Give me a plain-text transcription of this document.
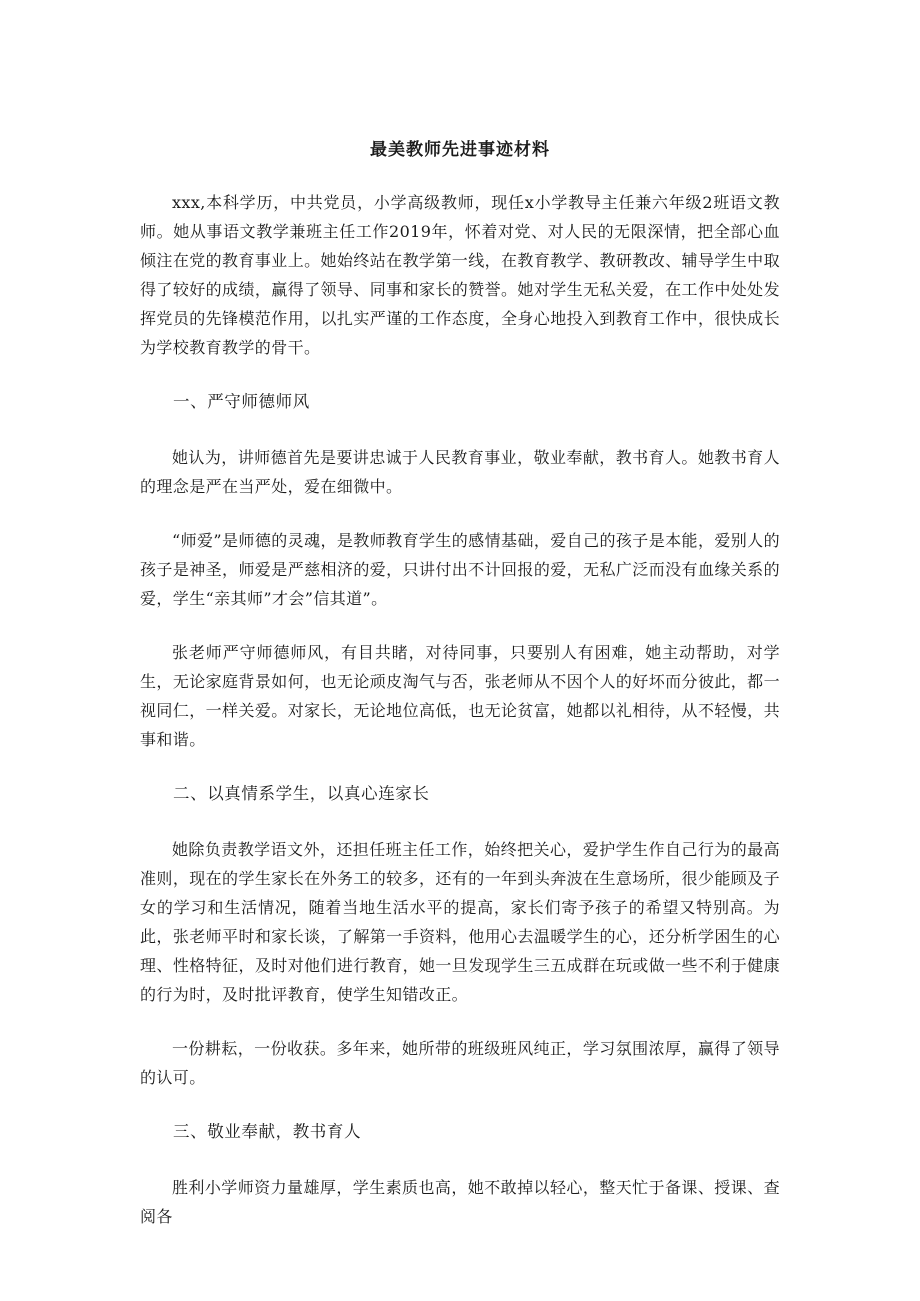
最美教师先进事迹材料

xxx,本科学历，中共党员，小学高级教师，现任x小学教导主任兼六年级2班语文教师。她从事语文教学兼班主任工作2019年，怀着对党、对人民的无限深情，把全部心血倾注在党的教育事业上。她始终站在教学第一线，在教育教学、教研教改、辅导学生中取得了较好的成绩，赢得了领导、同事和家长的赞誉。她对学生无私关爱，在工作中处处发挥党员的先锋模范作用，以扎实严谨的工作态度，全身心地投入到教育工作中，很快成长为学校教育教学的骨干。

一、严守师德师风

她认为，讲师德首先是要讲忠诚于人民教育事业，敬业奉献，教书育人。她教书育人的理念是严在当严处，爱在细微中。

“师爱”是师德的灵魂，是教师教育学生的感情基础，爱自己的孩子是本能，爱别人的孩子是神圣，师爱是严慈相济的爱，只讲付出不计回报的爱，无私广泛而没有血缘关系的爱，学生“亲其师”才会”信其道”。

张老师严守师德师风，有目共睹，对待同事，只要别人有困难，她主动帮助，对学生，无论家庭背景如何，也无论顽皮淘气与否，张老师从不因个人的好坏而分彼此，都一视同仁，一样关爱。对家长，无论地位高低，也无论贫富，她都以礼相待，从不轻慢，共事和谐。

二、以真情系学生，以真心连家长

她除负责教学语文外，还担任班主任工作，始终把关心，爱护学生作自己行为的最高准则，现在的学生家长在外务工的较多，还有的一年到头奔波在生意场所，很少能顾及子女的学习和生活情况，随着当地生活水平的提高，家长们寄予孩子的希望又特别高。为此，张老师平时和家长谈，了解第一手资料，他用心去温暖学生的心，还分析学困生的心理、性格特征，及时对他们进行教育，她一旦发现学生三五成群在玩或做一些不利于健康的行为时，及时批评教育，使学生知错改正。

一份耕耘，一份收获。多年来，她所带的班级班风纯正，学习氛围浓厚，赢得了领导的认可。

三、敬业奉献，教书育人

胜利小学师资力量雄厚，学生素质也高，她不敢掉以轻心，整天忙于备课、授课、查阅各
